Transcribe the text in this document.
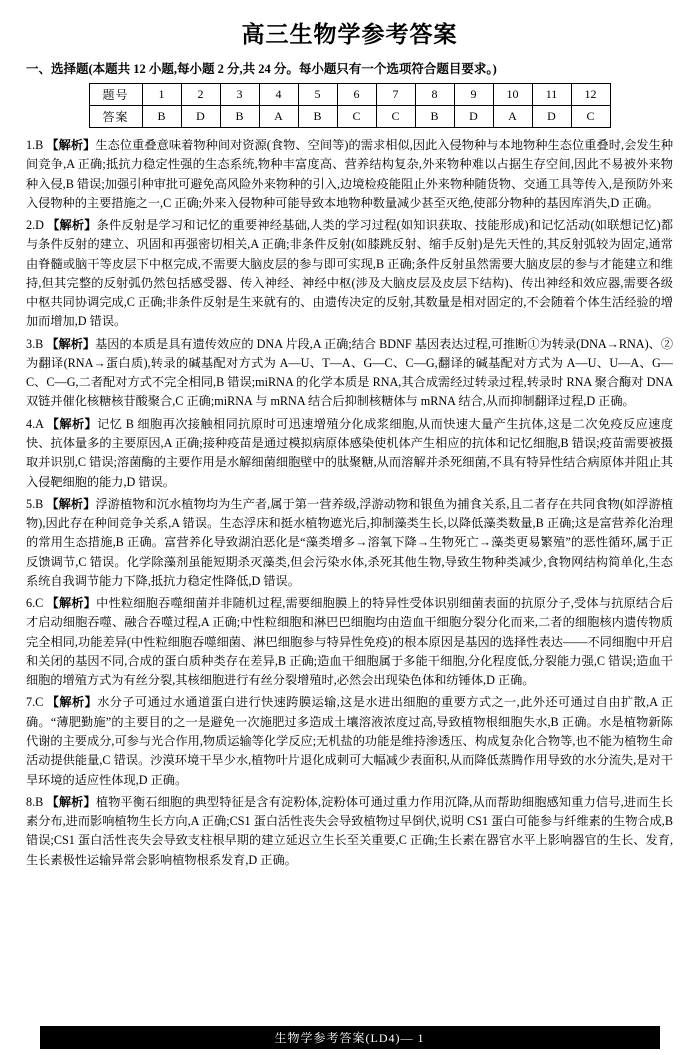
高三生物学参考答案
一、选择题(本题共 12 小题,每小题 2 分,共 24 分。每小题只有一个选项符合题目要求。)
题号	1	2	3	4	5	6	7	8	9	10	11	12
答案	B	D	B	A	B	C	C	B	D	A	D	C
1.B 【解析】生态位重叠意味着物种间对资源(食物、空间等)的需求相似,因此入侵物种与本地物种生态位重叠时,会发生种间竞争,A 正确;抵抗力稳定性强的生态系统,物种丰富度高、营养结构复杂,外来物种难以占据生存空间,因此不易被外来物种入侵,B 错误;加强引种审批可避免高风险外来物种的引入,边境检疫能阻止外来物种随货物、交通工具等传入,是预防外来入侵物种的主要措施之一,C 正确;外来入侵物种可能导致本地物种数量减少甚至灭绝,使部分物种的基因库消失,D 正确。
2.D 【解析】条件反射是学习和记忆的重要神经基础,人类的学习过程(如知识获取、技能形成)和记忆活动(如联想记忆)都与条件反射的建立、巩固和再强密切相关,A 正确;非条件反射(如膝跳反射、缩手反射)是先天性的,其反射弧较为固定,通常由脊髓或脑干等皮层下中枢完成,不需要大脑皮层的参与即可实现,B 正确;条件反射虽然需要大脑皮层的参与才能建立和维持,但其完整的反射弧仍然包括感受器、传入神经、神经中枢(涉及大脑皮层及皮层下结构)、传出神经和效应器,需要各级中枢共同协调完成,C 正确;非条件反射是生来就有的、由遗传决定的反射,其数量是相对固定的,不会随着个体生活经验的增加而增加,D 错误。
3.B 【解析】基因的本质是具有遗传效应的 DNA 片段,A 正确;结合 BDNF 基因表达过程,可推断①为转录(DNA→RNA)、②为翻译(RNA→蛋白质),转录的碱基配对方式为 A—U、T—A、G—C、C—G,翻译的碱基配对方式为 A—U、U—A、G—C、C—G,二者配对方式不完全相同,B 错误;miRNA 的化学本质是 RNA,其合成需经过转录过程,转录时 RNA 聚合酶对 DNA 双链并催化核糖核苷酸聚合,C 正确;miRNA 与 mRNA 结合后抑制核糖体与 mRNA 结合,从而抑制翻译过程,D 正确。
4.A 【解析】记忆 B 细胞再次接触相同抗原时可迅速增殖分化成浆细胞,从而快速大量产生抗体,这是二次免疫反应速度快、抗体量多的主要原因,A 正确;接种疫苗是通过模拟病原体感染使机体产生相应的抗体和记忆细胞,B 错误;疫苗需要被摄取并识别,C 错误;溶菌酶的主要作用是水解细菌细胞壁中的肽聚糖,从而溶解并杀死细菌,不具有特异性结合病原体并阻止其入侵靶细胞的能力,D 错误。
5.B 【解析】浮游植物和沉水植物均为生产者,属于第一营养级,浮游动物和银鱼为捕食关系,且二者存在共同食物(如浮游植物),因此存在种间竞争关系,A 错误。生态浮床和挺水植物遮光后,抑制藻类生长,以降低藻类数量,B 正确;这是富营养化治理的常用生态措施,B 正确。富营养化导致湖泊恶化是“藻类增多→溶氧下降→生物死亡→藻类更易繁殖”的恶性循环,属于正反馈调节,C 错误。化学除藻剂虽能短期杀灭藻类,但会污染水体,杀死其他生物,导致生物种类减少,食物网结构简单化,生态系统自我调节能力下降,抵抗力稳定性降低,D 错误。
6.C 【解析】中性粒细胞吞噬细菌并非随机过程,需要细胞膜上的特异性受体识别细菌表面的抗原分子,受体与抗原结合后才启动细胞吞噬、融合吞噬过程,A 正确;中性粒细胞和淋巴巴细胞均由造血干细胞分裂分化而来,二者的细胞核内遗传物质完全相同,功能差异(中性粒细胞吞噬细菌、淋巴细胞参与特异性免疫)的根本原因是基因的选择性表达——不同细胞中开启和关闭的基因不同,合成的蛋白质种类存在差异,B 正确;造血干细胞属于多能干细胞,分化程度低,分裂能力强,C 错误;造血干细胞的增殖方式为有丝分裂,其核细胞进行有丝分裂增殖时,必然会出现染色体和纺锤体,D 正确。
7.C 【解析】水分子可通过水通道蛋白进行快速跨膜运输,这是水进出细胞的重要方式之一,此外还可通过自由扩散,A 正确。“薄肥勤施”的主要目的之一是避免一次施肥过多造成土壤溶液浓度过高,导致植物根细胞失水,B 正确。水是植物新陈代谢的主要成分,可参与光合作用,物质运输等化学反应;无机盐的功能是维持渗透压、构成复杂化合物等,也不能为植物生命活动提供能量,C 错误。沙漠环境干旱少水,植物叶片退化成刺可大幅减少表面积,从而降低蒸腾作用导致的水分流失,是对干旱环境的适应性体现,D 正确。
8.B 【解析】植物平衡石细胞的典型特征是含有淀粉体,淀粉体可通过重力作用沉降,从而帮助细胞感知重力信号,进而生长素分布,进而影响植物生长方向,A 正确;CS1 蛋白活性丧失会导致植物过早倒伏,说明 CS1 蛋白可能参与纤维素的生物合成,B 错误;CS1 蛋白活性丧失会导致支柱根早期的建立延迟立生长至关重要,C 正确;生长素在器官水平上影响器官的生长、发育,生长素极性运输异常会影响植物根系发育,D 正确。
生物学参考答案(LD4)— 1
